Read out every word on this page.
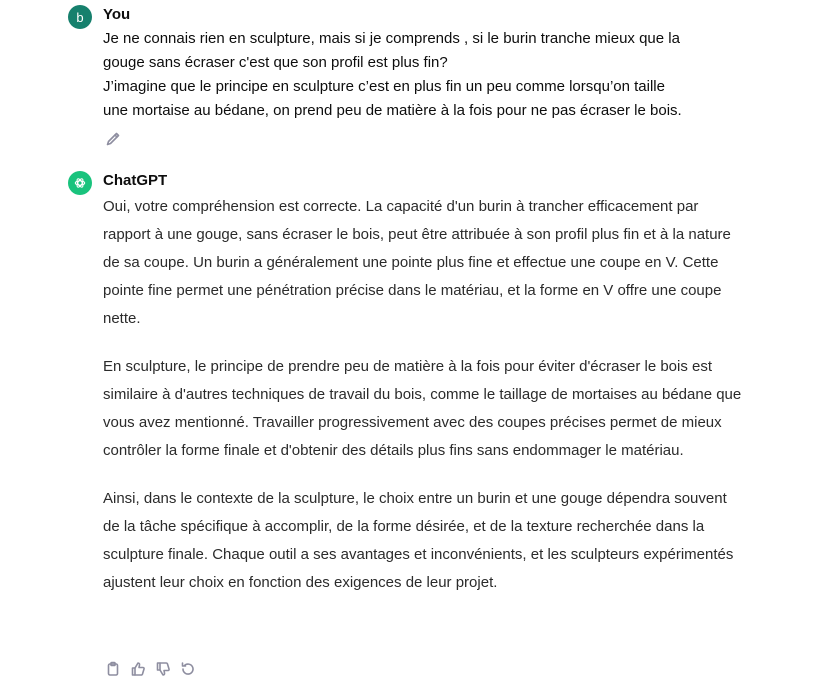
b You
Je ne connais rien en sculpture, mais si je comprends , si le burin tranche mieux que la
gouge sans écraser c'est que son profil est plus fin?
J’imagine que le principe en sculpture c’est en plus fin un peu comme lorsqu’on taille
une mortaise au bédane, on prend peu de matière à la fois pour ne pas écraser le bois.
ChatGPT

Oui, votre compréhension est correcte. La capacité d'un burin à trancher efficacement par rapport à une gouge, sans écraser le bois, peut être attribuée à son profil plus fin et à la nature de sa coupe. Un burin a généralement une pointe plus fine et effectue une coupe en V. Cette pointe fine permet une pénétration précise dans le matériau, et la forme en V offre une coupe nette.

En sculpture, le principe de prendre peu de matière à la fois pour éviter d'écraser le bois est similaire à d'autres techniques de travail du bois, comme le taillage de mortaises au bédane que vous avez mentionné. Travailler progressivement avec des coupes précises permet de mieux contrôler la forme finale et d'obtenir des détails plus fins sans endommager le matériau.

Ainsi, dans le contexte de la sculpture, le choix entre un burin et une gouge dépendra souvent de la tâche spécifique à accomplir, de la forme désirée, et de la texture recherchée dans la sculpture finale. Chaque outil a ses avantages et inconvénients, et les sculpteurs expérimentés ajustent leur choix en fonction des exigences de leur projet.
